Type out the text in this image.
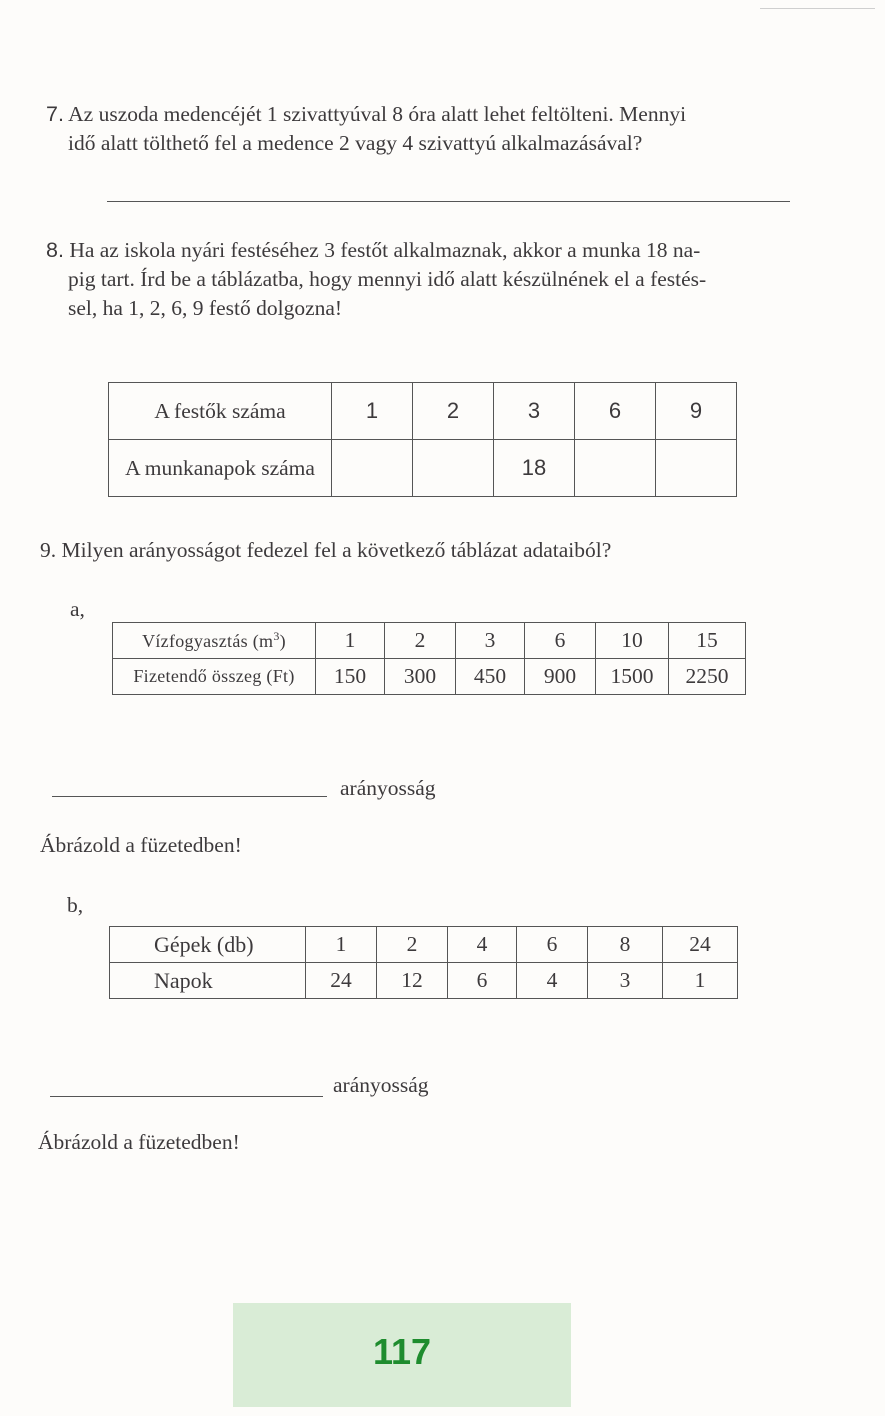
7. Az uszoda medencéjét 1 szivattyúval 8 óra alatt lehet feltölteni. Mennyi
idő alatt tölthető fel a medence 2 vagy 4 szivattyú alkalmazásával?
8. Ha az iskola nyári festéséhez 3 festőt alkalmaznak, akkor a munka 18 na-
pig tart. Írd be a táblázatba, hogy mennyi idő alatt készülnének el a festés-
sel, ha 1, 2, 6, 9 festő dolgozna!
A festők száma	1	2	3	6	9
A munkanapok száma			18		
9. Milyen arányosságot fedezel fel a következő táblázat adataiból?
a,
Vízfogyasztás $(m^3)$	1	2	3	6	10	15
Fizetendő összeg (Ft)	150	300	450	900	1500	2250
arányosság
Ábrázold a füzetedben!
b,
Gépek (db)	1	2	4	6	8	24
Napok	24	12	6	4	3	1
arányosság
Ábrázold a füzetedben!
117
